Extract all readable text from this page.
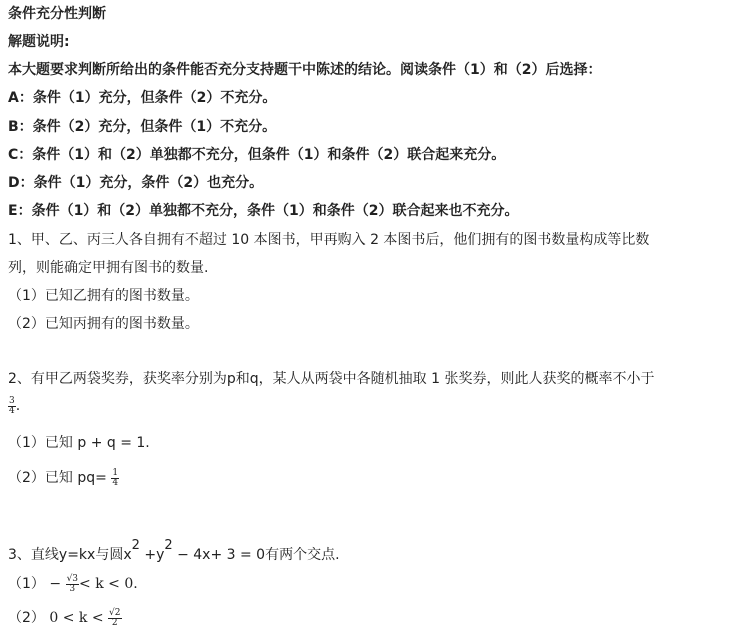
条件充分性判断
解题说明:
本大题要求判断所给出的条件能否充分支持题干中陈述的结论。阅读条件（1）和（2）后选择：
A：条件（1）充分，但条件（2）不充分。
B：条件（2）充分，但条件（1）不充分。
C：条件（1）和（2）单独都不充分，但条件（1）和条件（2）联合起来充分。
D：条件（1）充分，条件（2）也充分。
E：条件（1）和（2）单独都不充分，条件（1）和条件（2）联合起来也不充分。
1、甲、乙、丙三人各自拥有不超过 10 本图书，甲再购入 2 本图书后，他们拥有的图书数量构成等比数
列，则能确定甲拥有图书的数量.
（1）已知乙拥有的图书数量。
（2）已知丙拥有的图书数量。
2、有甲乙两袋奖券，获奖率分别为p和q，某人从两袋中各随机抽取 1 张奖券，则此人获奖的概率不小于
$\frac{3}{4}$ .
（1）已知 p + q = 1.
（2）已知 $pq= \frac{1}{4}$
3、直线y=kx与圆x2 +y2 − 4x+ 3 = 0有两个交点.
$(1) - \frac{√3}{3} < k < 0$.
（2） $0 < k < \frac{√2}{2}$
